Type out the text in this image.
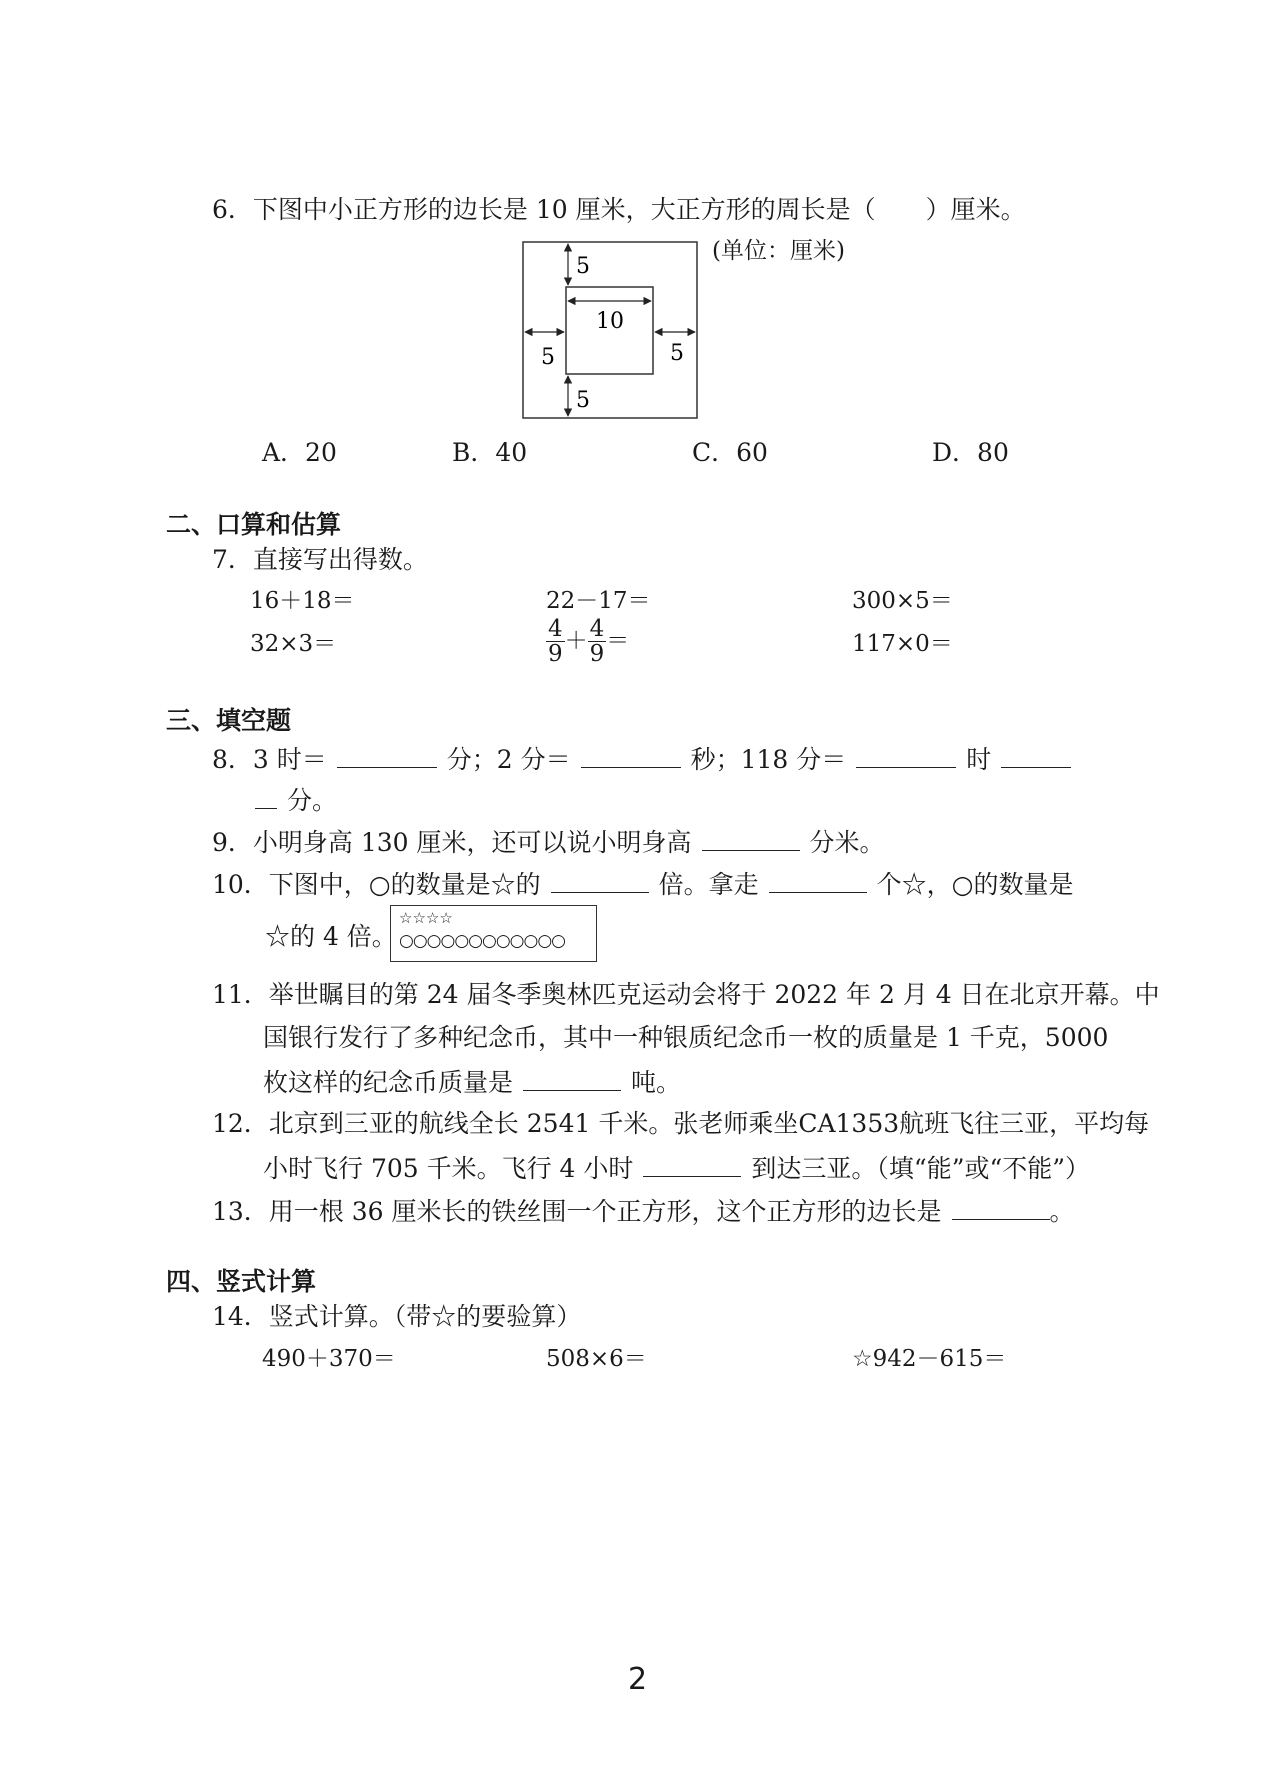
6．下图中小正方形的边长是 10 厘米，大正方形的周长是（　　）厘米。
5
10
5	5
5
(单位：厘米)
A．20	B．40	C．60	D．80
二、口算和估算
7．直接写出得数。
16＋18＝	22－17＝	300×5＝
32×3＝	$\frac{4}{9} + \frac{4}{9}$ ＝	117×0＝
三、填空题
8．3 时＝	分；2 分＝	秒；118 分＝	时
分。
9．小明身高 130 厘米，还可以说小明身高	分米。
10．下图中，○的数量是☆的	倍。拿走	个☆，○的数量是
☆的 4 倍。
☆☆☆☆
○○○○○○○○○○○○
11．举世瞩目的第 24 届冬季奥林匹克运动会将于 2022 年 2 月 4 日在北京开幕。中
国银行发行了多种纪念币，其中一种银质纪念币一枚的质量是 1 千克，5000
枚这样的纪念币质量是	吨。
12．北京到三亚的航线全长 2541 千米。张老师乘坐CA1353航班飞往三亚，平均每
小时飞行 705 千米。飞行 4 小时	到达三亚。（填“能”或“不能”）
13．用一根 36 厘米长的铁丝围一个正方形，这个正方形的边长是	。
四、竖式计算
14．竖式计算。（带☆的要验算）
490＋370＝	508×6＝	☆942－615＝
2
